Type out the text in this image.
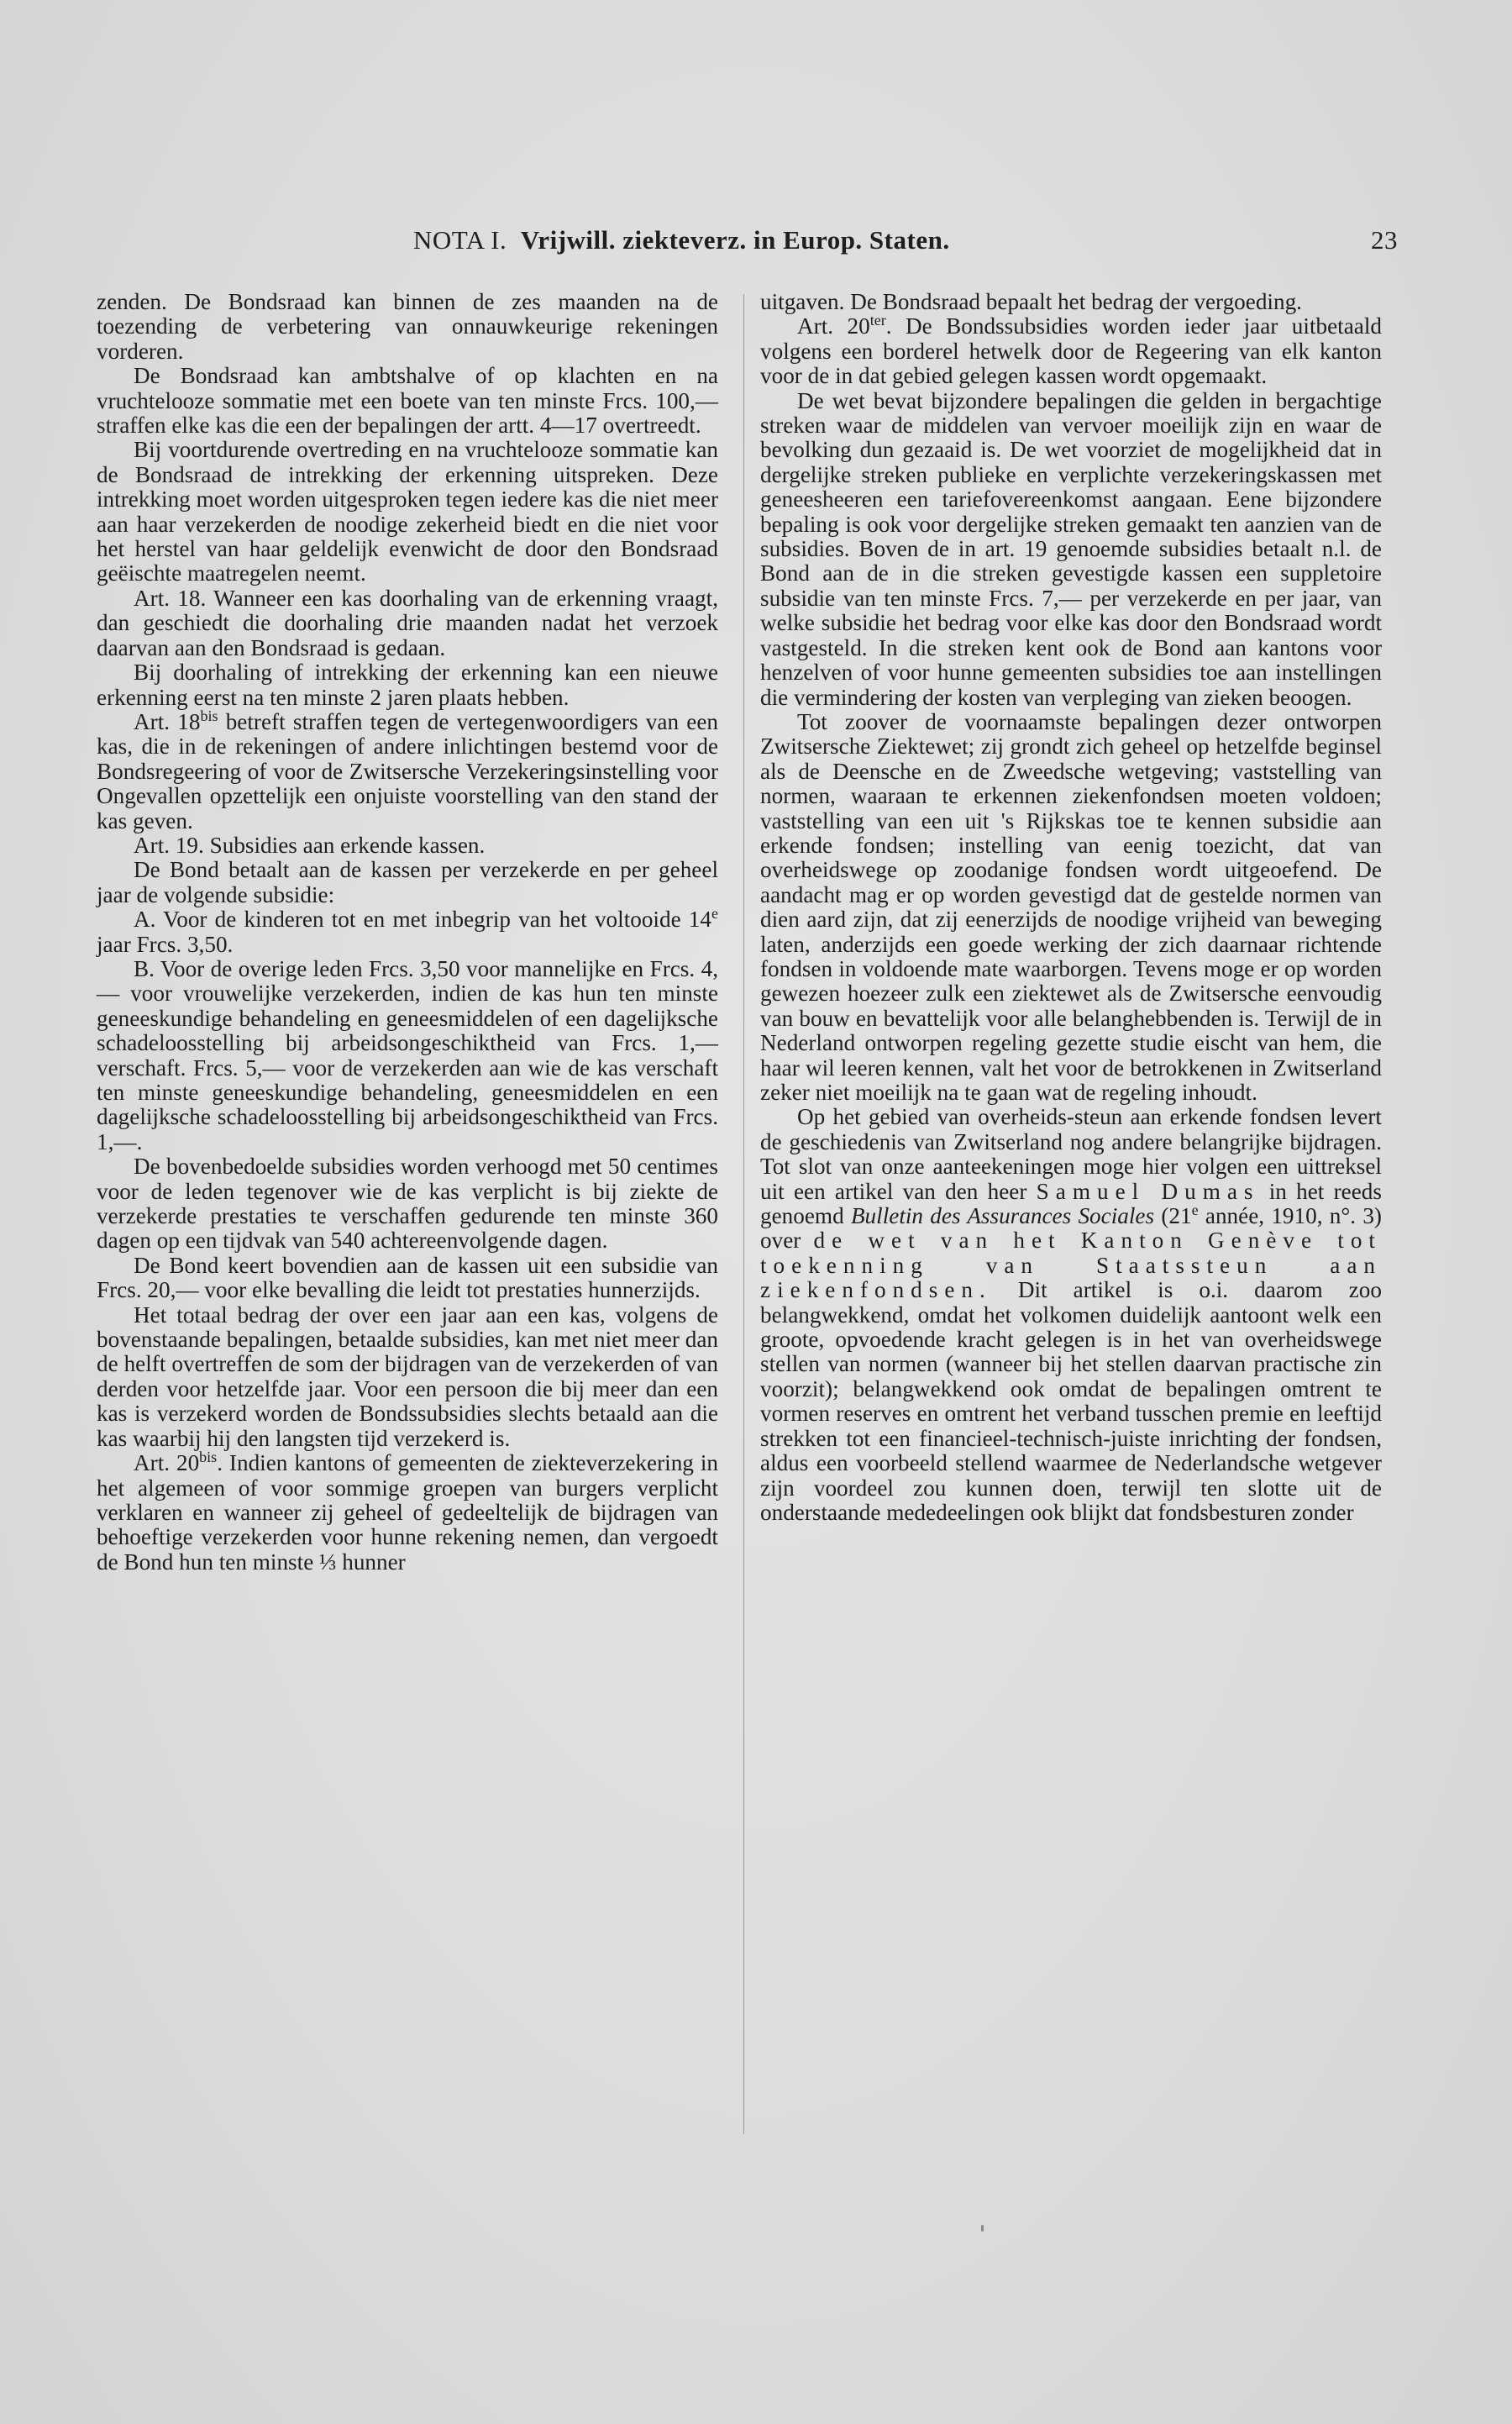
NOTA I. Vrijwill. ziekteverz. in Europ. Staten.	23

zenden. De Bondsraad kan binnen de zes maanden na de toezending de verbetering van onnauwkeurige rekeningen vorderen.

De Bondsraad kan ambtshalve of op klachten en na vruchtelooze sommatie met een boete van ten minste Frcs. 100,— straffen elke kas die een der bepalingen der artt. 4—17 overtreedt.

Bij voortdurende overtreding en na vruchtelooze sommatie kan de Bondsraad de intrekking der erkenning uitspreken. Deze intrekking moet worden uitgesproken tegen iedere kas die niet meer aan haar verzekerden de noodige zekerheid biedt en die niet voor het herstel van haar geldelijk evenwicht de door den Bondsraad geëischte maatregelen neemt.

Art. 18. Wanneer een kas doorhaling van de erkenning vraagt, dan geschiedt die doorhaling drie maanden nadat het verzoek daarvan aan den Bondsraad is gedaan.

Bij doorhaling of intrekking der erkenning kan een nieuwe erkenning eerst na ten minste 2 jaren plaats hebben.

Art. $18^{bis}$ betreft straffen tegen de vertegenwoordigers van een kas, die in de rekeningen of andere inlichtingen bestemd voor de Bondsregeering of voor de Zwitsersche Verzekeringsinstelling voor Ongevallen opzettelijk een onjuiste voorstelling van den stand der kas geven.

Art. 19. Subsidies aan erkende kassen.

De Bond betaalt aan de kassen per verzekerde en per geheel jaar de volgende subsidie:

A. Voor de kinderen tot en met inbegrip van het voltooide 14e jaar Frcs. 3,50.

B. Voor de overige leden Frcs. 3,50 voor mannelijke en Frcs. 4,— voor vrouwelijke verzekerden, indien de kas hun ten minste geneeskundige behandeling en geneesmiddelen of een dagelijksche schadeloosstelling bij arbeidsongeschiktheid van Frcs. 1,— verschaft. Frcs. 5,— voor de verzekerden aan wie de kas verschaft ten minste geneeskundige behandeling, geneesmiddelen en een dagelijksche schadeloosstelling bij arbeidsongeschiktheid van Frcs. 1,—.

De bovenbedoelde subsidies worden verhoogd met 50 centimes voor de leden tegenover wie de kas verplicht is bij ziekte de verzekerde prestaties te verschaffen gedurende ten minste 360 dagen op een tijdvak van 540 achtereenvolgende dagen.

De Bond keert bovendien aan de kassen uit een subsidie van Frcs. 20,— voor elke bevalling die leidt tot prestaties hunnerzijds.

Het totaal bedrag der over een jaar aan een kas, volgens de bovenstaande bepalingen, betaalde subsidies, kan met niet meer dan de helft overtreffen de som der bijdragen van de verzekerden of van derden voor hetzelfde jaar. Voor een persoon die bij meer dan een kas is verzekerd worden de Bondssubsidies slechts betaald aan die kas waarbij hij den langsten tijd verzekerd is.

Art. $20^{bis}$. Indien kantons of gemeenten de ziekteverzekering in het algemeen of voor sommige groepen van burgers verplicht verklaren en wanneer zij geheel of gedeeltelijk de bijdragen van behoeftige verzekerden voor hunne rekening nemen, dan vergoedt de Bond hun ten minste ⅓ hunner

uitgaven. De Bondsraad bepaalt het bedrag der vergoeding.

Art. $20^{ter}$. De Bondssubsidies worden ieder jaar uitbetaald volgens een borderel hetwelk door de Regeering van elk kanton voor de in dat gebied gelegen kassen wordt opgemaakt.

De wet bevat bijzondere bepalingen die gelden in bergachtige streken waar de middelen van vervoer moeilijk zijn en waar de bevolking dun gezaaid is. De wet voorziet de mogelijkheid dat in dergelijke streken publieke en verplichte verzekeringskassen met geneesheeren een tariefovereenkomst aangaan. Eene bijzondere bepaling is ook voor dergelijke streken gemaakt ten aanzien van de subsidies. Boven de in art. 19 genoemde subsidies betaalt n.l. de Bond aan de in die streken gevestigde kassen een suppletoire subsidie van ten minste Frcs. 7,— per verzekerde en per jaar, van welke subsidie het bedrag voor elke kas door den Bondsraad wordt vastgesteld. In die streken kent ook de Bond aan kantons voor henzelven of voor hunne gemeenten subsidies toe aan instellingen die vermindering der kosten van verpleging van zieken beoogen.

Tot zoover de voornaamste bepalingen dezer ontworpen Zwitsersche Ziektewet; zij grondt zich geheel op hetzelfde beginsel als de Deensche en de Zweedsche wetgeving; vaststelling van normen, waaraan te erkennen ziekenfondsen moeten voldoen; vaststelling van een uit 's Rijkskas toe te kennen subsidie aan erkende fondsen; instelling van eenig toezicht, dat van overheidswege op zoodanige fondsen wordt uitgeoefend. De aandacht mag er op worden gevestigd dat de gestelde normen van dien aard zijn, dat zij eenerzijds de noodige vrijheid van beweging laten, anderzijds een goede werking der zich daarnaar richtende fondsen in voldoende mate waarborgen. Tevens moge er op worden gewezen hoezeer zulk een ziektewet als de Zwitsersche eenvoudig van bouw en bevattelijk voor alle belanghebbenden is. Terwijl de in Nederland ontworpen regeling gezette studie eischt van hem, die haar wil leeren kennen, valt het voor de betrokkenen in Zwitserland zeker niet moeilijk na te gaan wat de regeling inhoudt.

Op het gebied van overheids-steun aan erkende fondsen levert de geschiedenis van Zwitserland nog andere belangrijke bijdragen. Tot slot van onze aanteekeningen moge hier volgen een uittreksel uit een artikel van den heer Samuel Dumas in het reeds genoemd Bulletin des Assurances Sociales (21e année, 1910, n°. 3) over de wet van het Kanton Genève tot toekenning van Staatssteun aan ziekenfondsen. Dit artikel is o.i. daarom zoo belangwekkend, omdat het volkomen duidelijk aantoont welk een groote, opvoedende kracht gelegen is in het van overheidswege stellen van normen (wanneer bij het stellen daarvan practische zin voorzit); belangwekkend ook omdat de bepalingen omtrent te vormen reserves en omtrent het verband tusschen premie en leeftijd strekken tot een financieel-technisch-juiste inrichting der fondsen, aldus een voorbeeld stellend waarmee de Nederlandsche wetgever zijn voordeel zou kunnen doen, terwijl ten slotte uit de onderstaande mededeelingen ook blijkt dat fondsbesturen zonder
